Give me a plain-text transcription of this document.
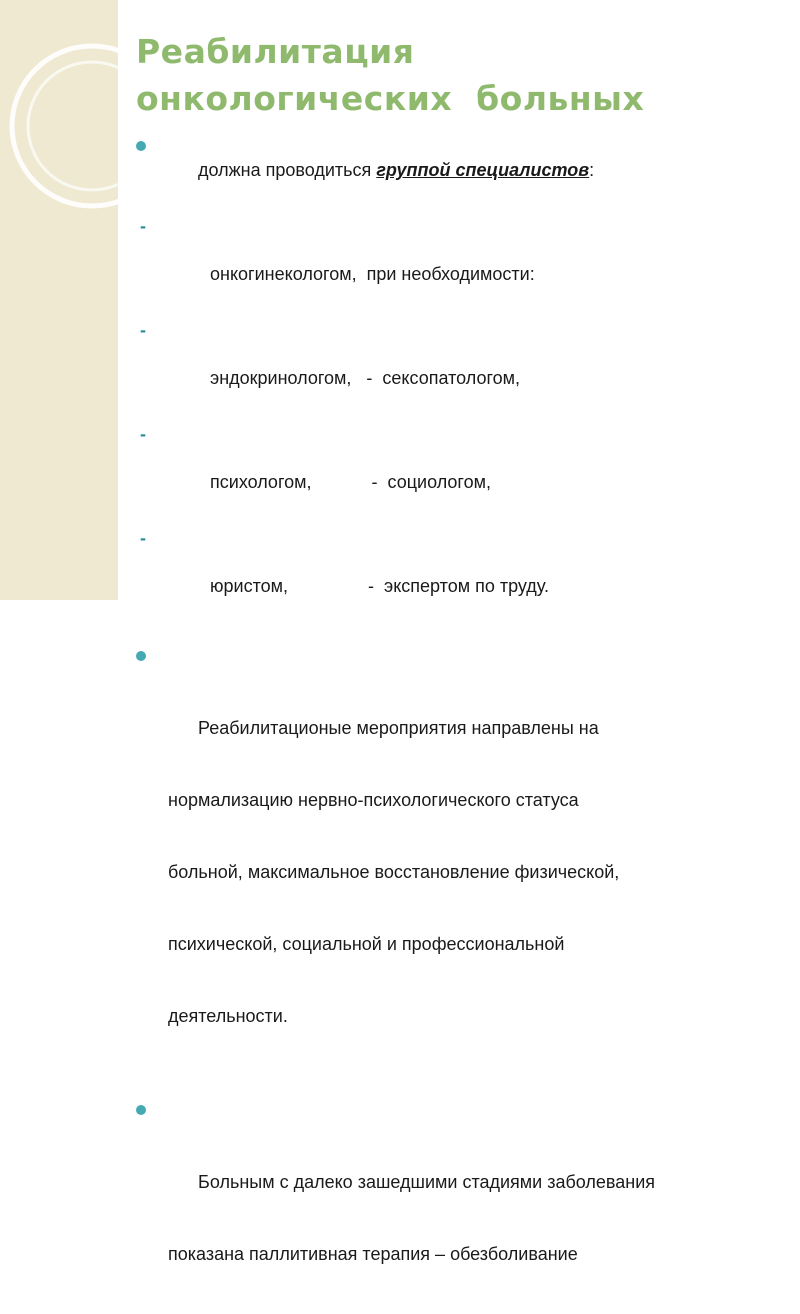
Реабилитация
онкологических  больных

должна проводиться группой специалистов:

-

онкогинекологом,  при необходимости:

-

эндокринологом,   -  сексопатологом,

-

психологом,            -  социологом,

-

юристом,                -  экспертом по труду.

Реабилитационые мероприятия направлены на

нормализацию нервно-психологического статуса

больной, максимальное восстановление физической,

психической, социальной и профессиональной

деятельности.

Больным с далеко зашедшими стадиями заболевания

показана паллитивная терапия – обезболивание
